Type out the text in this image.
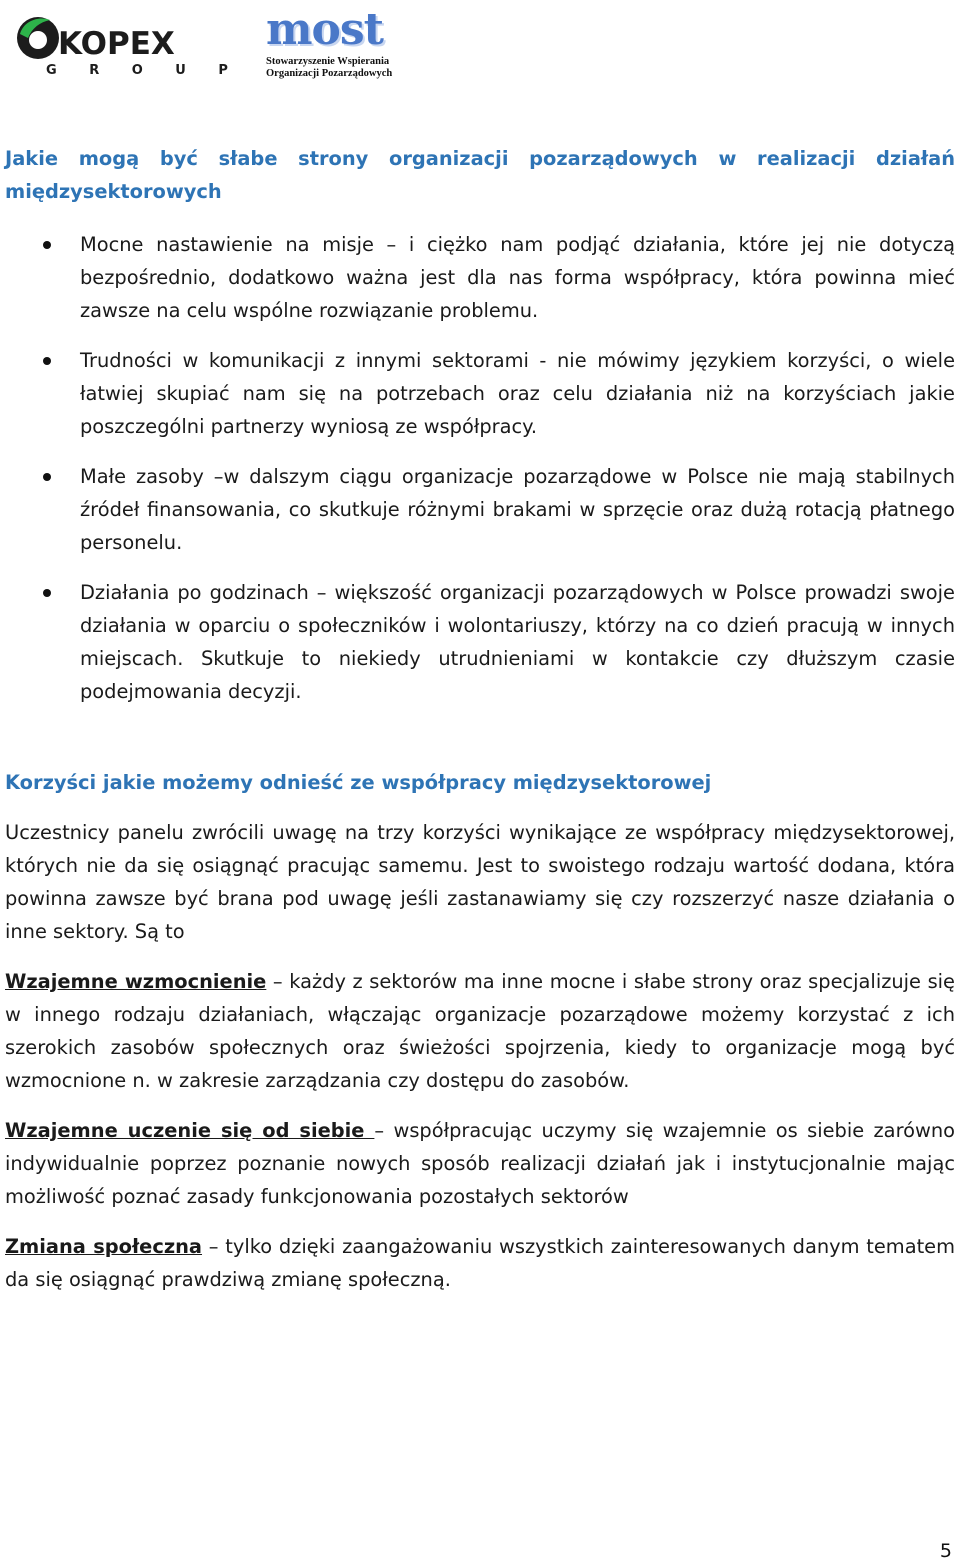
KOPEX
G R O U P
most
Stowarzyszenie Wspierania
Organizacji Pozarządowych
Jakie mogą być słabe strony organizacji pozarządowych w realizacji działań
międzysektorowych
Mocne nastawienie na misje – i ciężko nam podjąć działania, które jej nie dotyczą bezpośrednio, dodatkowo ważna jest dla nas forma współpracy, która powinna mieć zawsze na celu wspólne rozwiązanie problemu.
Trudności w komunikacji z innymi sektorami - nie mówimy językiem korzyści, o wiele łatwiej skupiać nam się na potrzebach oraz celu działania niż na korzyściach jakie poszczególni partnerzy wyniosą ze współpracy.
Małe zasoby –w dalszym ciągu organizacje pozarządowe w Polsce nie mają stabilnych źródeł finansowania, co skutkuje różnymi brakami w sprzęcie oraz dużą rotacją płatnego personelu.
Działania po godzinach – większość organizacji pozarządowych w Polsce prowadzi swoje działania w oparciu o społeczników i wolontariuszy, którzy na co dzień pracują w innych miejscach. Skutkuje to niekiedy utrudnieniami w kontakcie czy dłuższym czasie podejmowania decyzji.
Korzyści jakie możemy odnieść ze współpracy międzysektorowej
Uczestnicy panelu zwrócili uwagę na trzy korzyści wynikające ze współpracy międzysektorowej, których nie da się osiągnąć pracując samemu. Jest to swoistego rodzaju wartość dodana, która powinna zawsze być brana pod uwagę jeśli zastanawiamy się czy rozszerzyć nasze działania o inne sektory. Są to
Wzajemne wzmocnienie – każdy z sektorów ma inne mocne i słabe strony oraz specjalizuje się w innego rodzaju działaniach, włączając organizacje pozarządowe możemy korzystać z ich szerokich zasobów społecznych oraz świeżości spojrzenia, kiedy to organizacje mogą być wzmocnione n. w zakresie zarządzania czy dostępu do zasobów.
Wzajemne uczenie się od siebie – współpracując uczymy się wzajemnie os siebie zarówno indywidualnie poprzez poznanie nowych sposób realizacji działań jak i instytucjonalnie mając możliwość poznać zasady funkcjonowania pozostałych sektorów
Zmiana społeczna – tylko dzięki zaangażowaniu wszystkich zainteresowanych danym tematem da się osiągnąć prawdziwą zmianę społeczną.
5
